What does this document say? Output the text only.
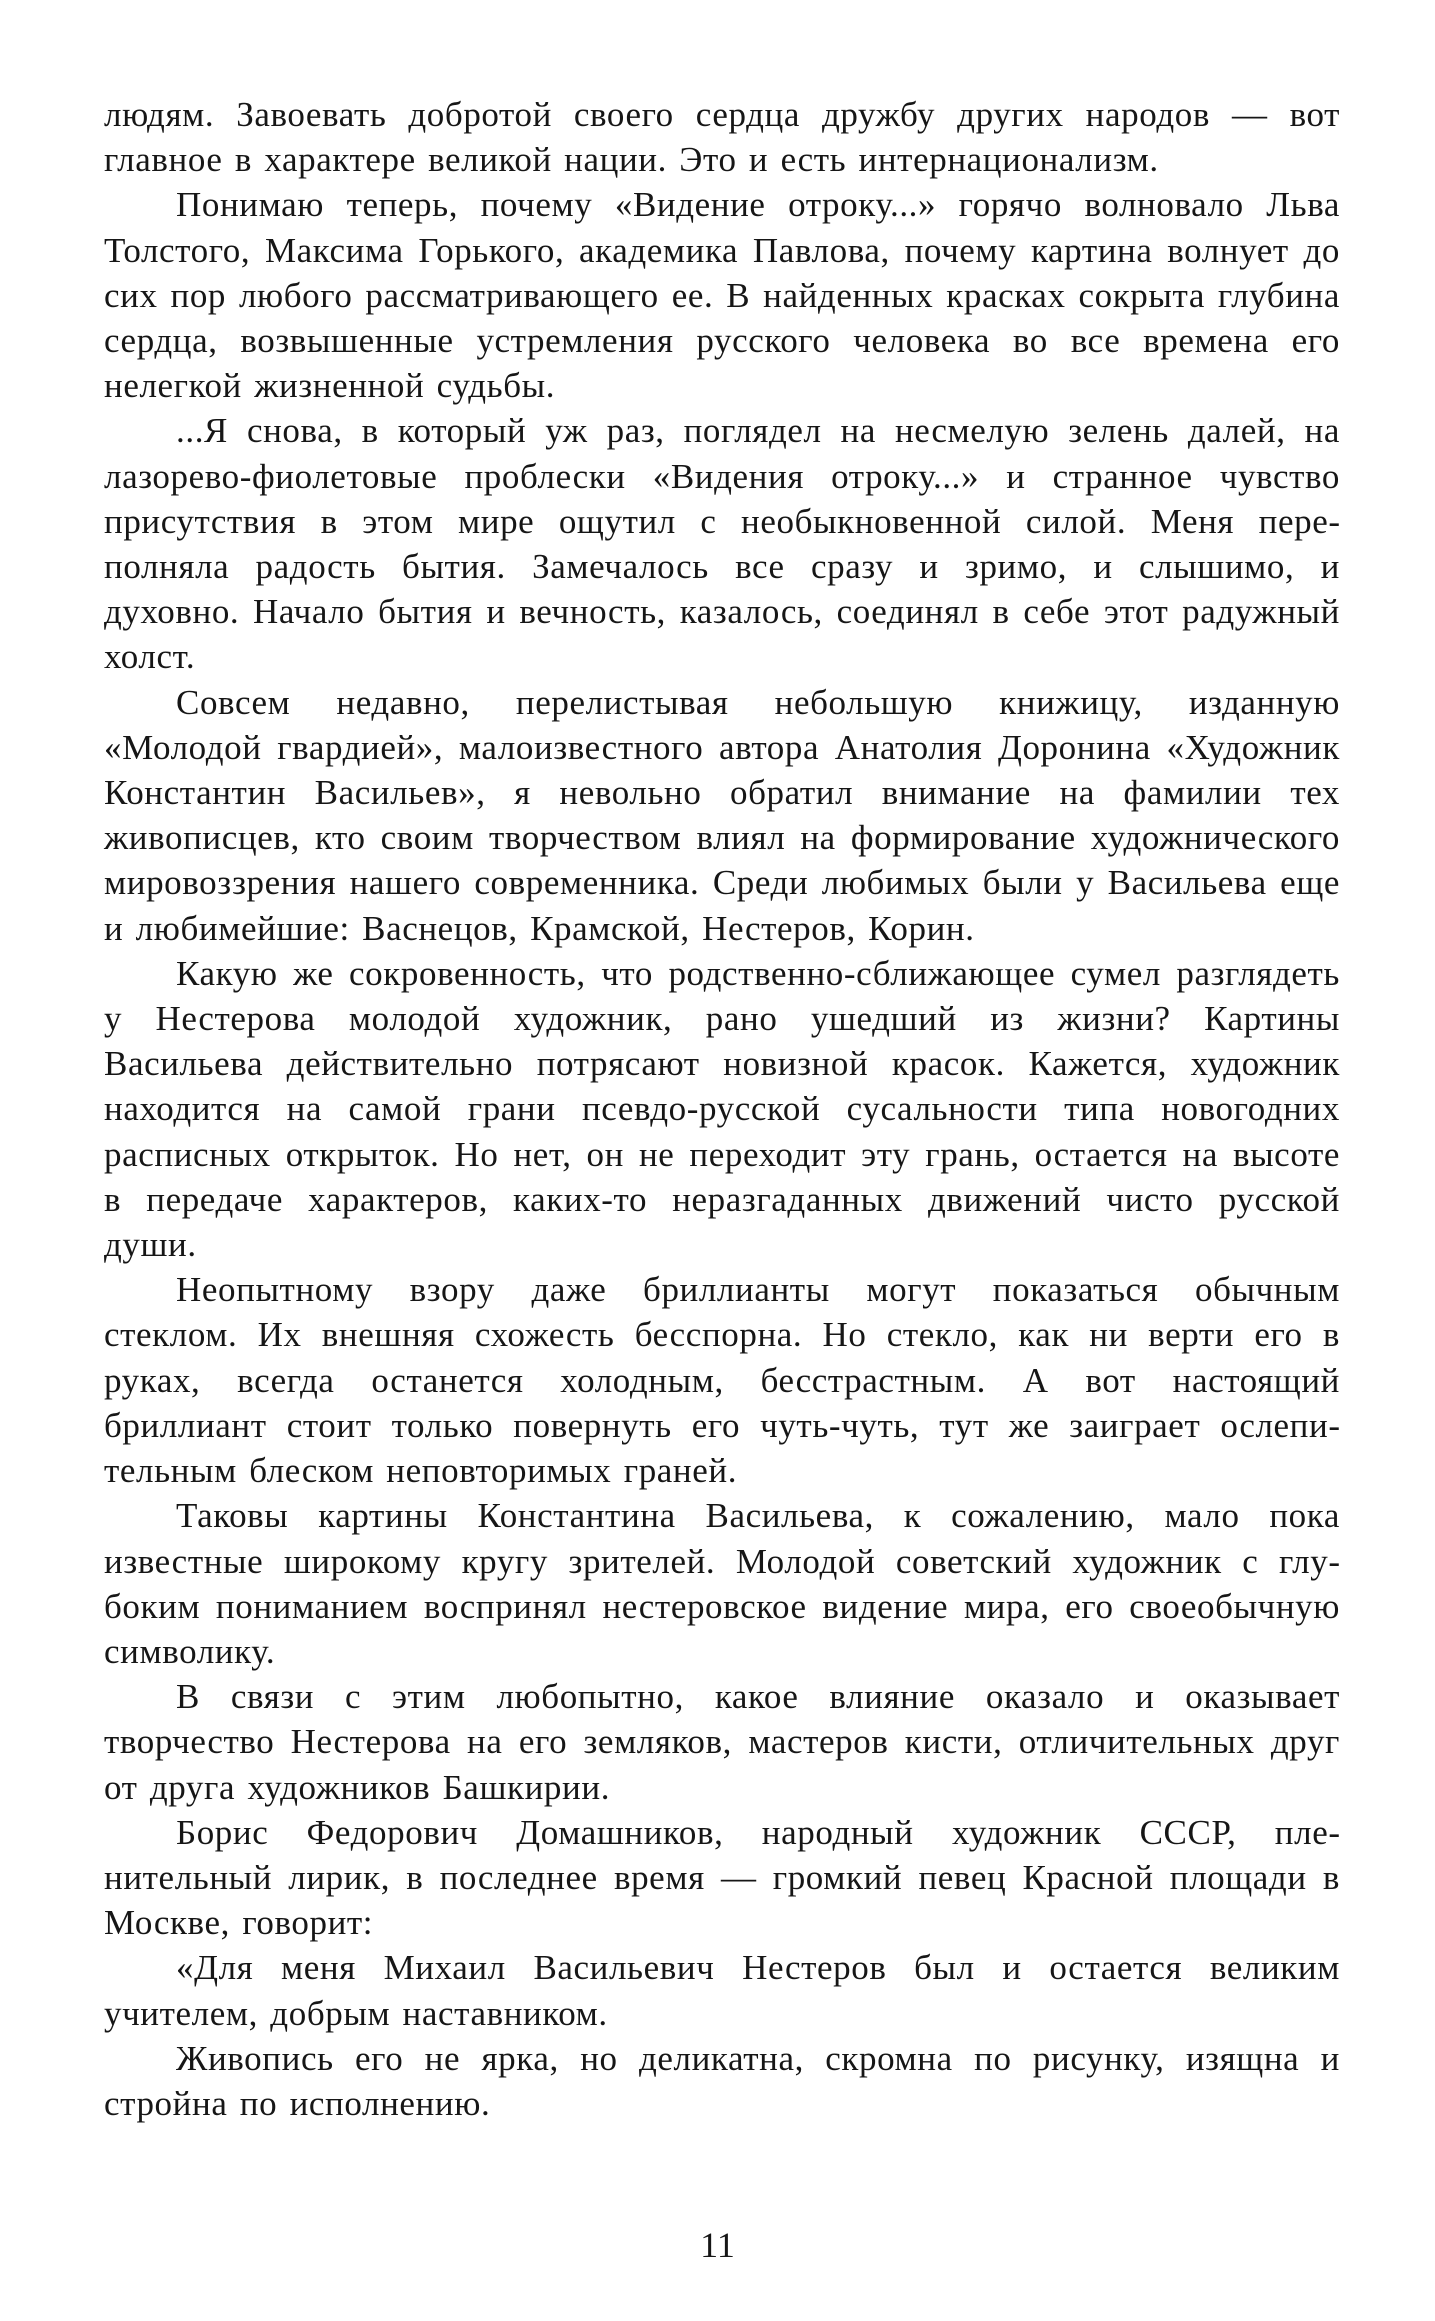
людям. Завоевать добротой своего сердца дружбу других народов — вот главное в характере великой нации. Это и есть интернационализм.

Понимаю теперь, почему «Видение отроку...» горячо волновало Льва Толстого, Максима Горького, академика Павлова, почему картина волнует до сих пор любого рассматривающего ее. В найденных красках сокрыта глубина сердца, возвышенные устремления русского человека во все времена его нелегкой жизненной судьбы.

...Я снова, в который уж раз, поглядел на несмелую зелень далей, на лазорево-фиолетовые проблески «Видения отроку...» и странное чувство присутствия в этом мире ощутил с необыкновенной силой. Меня переполняла радость бытия. Замечалось все сразу и зримо, и слышимо, и духовно. Начало бытия и вечность, казалось, соединял в себе этот радужный холст.

Совсем недавно, перелистывая небольшую книжицу, изданную «Молодой гвардией», малоизвестного автора Анатолия Доронина «Художник Константин Васильев», я невольно обратил внимание на фамилии тех живописцев, кто своим творчеством влиял на формирование художнического мировоззрения нашего современника. Среди любимых были у Васильева еще и любимейшие: Васнецов, Крамской, Нестеров, Корин.

Какую же сокровенность, что родственно-сближающее сумел разглядеть у Нестерова молодой художник, рано ушедший из жизни? Картины Васильева действительно потрясают новизной красок. Кажется, художник находится на самой грани псевдо-русской сусальности типа новогодних расписных открыток. Но нет, он не переходит эту грань, остается на высоте в передаче характеров, каких-то неразгаданных движений чисто русской души.

Неопытному взору даже бриллианты могут показаться обычным стеклом. Их внешняя схожесть бесспорна. Но стекло, как ни верти его в руках, всегда останется холодным, бесстрастным. А вот настоящий бриллиант стоит только повернуть его чуть-чуть, тут же заиграет ослепительным блеском неповторимых граней.

Таковы картины Константина Васильева, к сожалению, мало пока известные широкому кругу зрителей. Молодой советский художник с глубоким пониманием воспринял нестеровское видение мира, его своеобычную символику.

В связи с этим любопытно, какое влияние оказало и оказывает творчество Нестерова на его земляков, мастеров кисти, отличительных друг от друга художников Башкирии.

Борис Федорович Домашников, народный художник СССР, пленительный лирик, в последнее время — громкий певец Красной площади в Москве, говорит:

«Для меня Михаил Васильевич Нестеров был и остается великим учителем, добрым наставником.

Живопись его не ярка, но деликатна, скромна по рисунку, изящна и стройна по исполнению.

11
